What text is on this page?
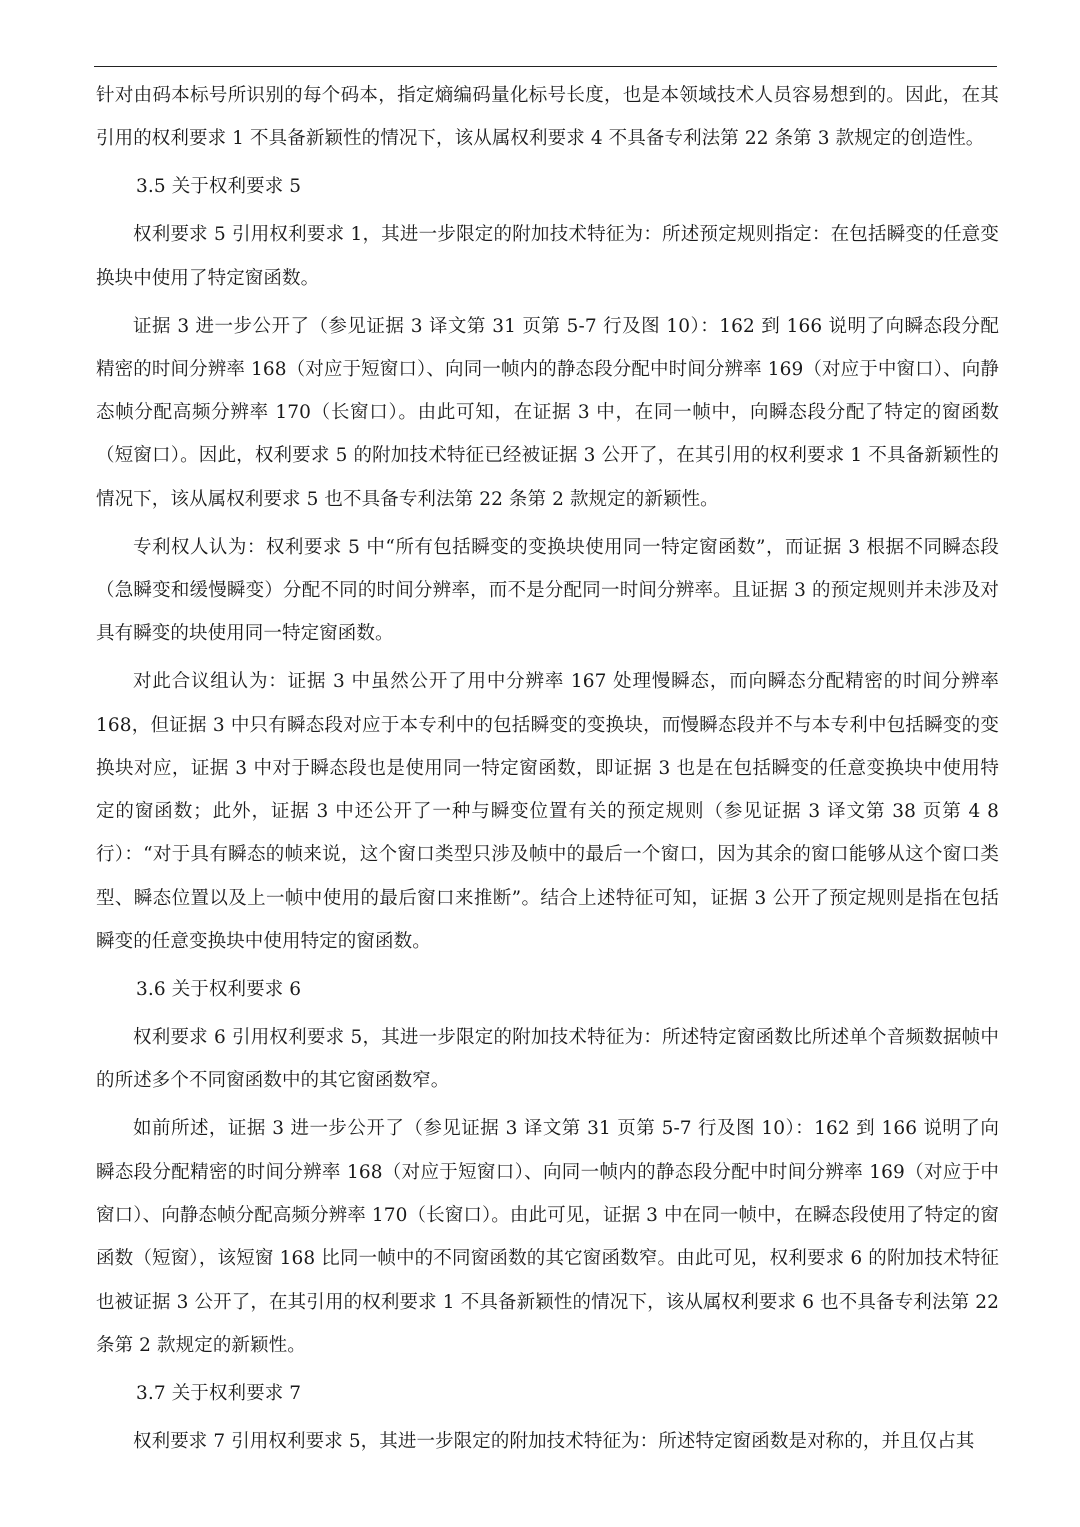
针对由码本标号所识别的每个码本，指定熵编码量化标号长度，也是本领域技术人员容易想到的。因此，在其引用的权利要求 1 不具备新颖性的情况下，该从属权利要求 4 不具备专利法第 22 条第 3 款规定的创造性。

3.5 关于权利要求 5

权利要求 5 引用权利要求 1，其进一步限定的附加技术特征为：所述预定规则指定：在包括瞬变的任意变换块中使用了特定窗函数。

证据 3 进一步公开了（参见证据 3 译文第 31 页第 5-7 行及图 10）：162 到 166 说明了向瞬态段分配精密的时间分辨率 168（对应于短窗口）、向同一帧内的静态段分配中时间分辨率 169（对应于中窗口）、向静态帧分配高频分辨率 170（长窗口）。由此可知，在证据 3 中，在同一帧中，向瞬态段分配了特定的窗函数（短窗口）。因此，权利要求 5 的附加技术特征已经被证据 3 公开了，在其引用的权利要求 1 不具备新颖性的情况下，该从属权利要求 5 也不具备专利法第 22 条第 2 款规定的新颖性。

专利权人认为：权利要求 5 中“所有包括瞬变的变换块使用同一特定窗函数”，而证据 3 根据不同瞬态段（急瞬变和缓慢瞬变）分配不同的时间分辨率，而不是分配同一时间分辨率。且证据 3 的预定规则并未涉及对具有瞬变的块使用同一特定窗函数。

对此合议组认为：证据 3 中虽然公开了用中分辨率 167 处理慢瞬态，而向瞬态分配精密的时间分辨率 168，但证据 3 中只有瞬态段对应于本专利中的包括瞬变的变换块，而慢瞬态段并不与本专利中包括瞬变的变换块对应，证据 3 中对于瞬态段也是使用同一特定窗函数，即证据 3 也是在包括瞬变的任意变换块中使用特定的窗函数；此外，证据 3 中还公开了一种与瞬变位置有关的预定规则（参见证据 3 译文第 38 页第 4 8 行）：“对于具有瞬态的帧来说，这个窗口类型只涉及帧中的最后一个窗口，因为其余的窗口能够从这个窗口类型、瞬态位置以及上一帧中使用的最后窗口来推断”。结合上述特征可知，证据 3 公开了预定规则是指在包括瞬变的任意变换块中使用特定的窗函数。

3.6 关于权利要求 6

权利要求 6 引用权利要求 5，其进一步限定的附加技术特征为：所述特定窗函数比所述单个音频数据帧中的所述多个不同窗函数中的其它窗函数窄。

如前所述，证据 3 进一步公开了（参见证据 3 译文第 31 页第 5-7 行及图 10）：162 到 166 说明了向瞬态段分配精密的时间分辨率 168（对应于短窗口）、向同一帧内的静态段分配中时间分辨率 169（对应于中窗口）、向静态帧分配高频分辨率 170（长窗口）。由此可见，证据 3 中在同一帧中，在瞬态段使用了特定的窗函数（短窗），该短窗 168 比同一帧中的不同窗函数的其它窗函数窄。由此可见，权利要求 6 的附加技术特征也被证据 3 公开了，在其引用的权利要求 1 不具备新颖性的情况下，该从属权利要求 6 也不具备专利法第 22 条第 2 款规定的新颖性。

3.7 关于权利要求 7

权利要求 7 引用权利要求 5，其进一步限定的附加技术特征为：所述特定窗函数是对称的，并且仅占其
